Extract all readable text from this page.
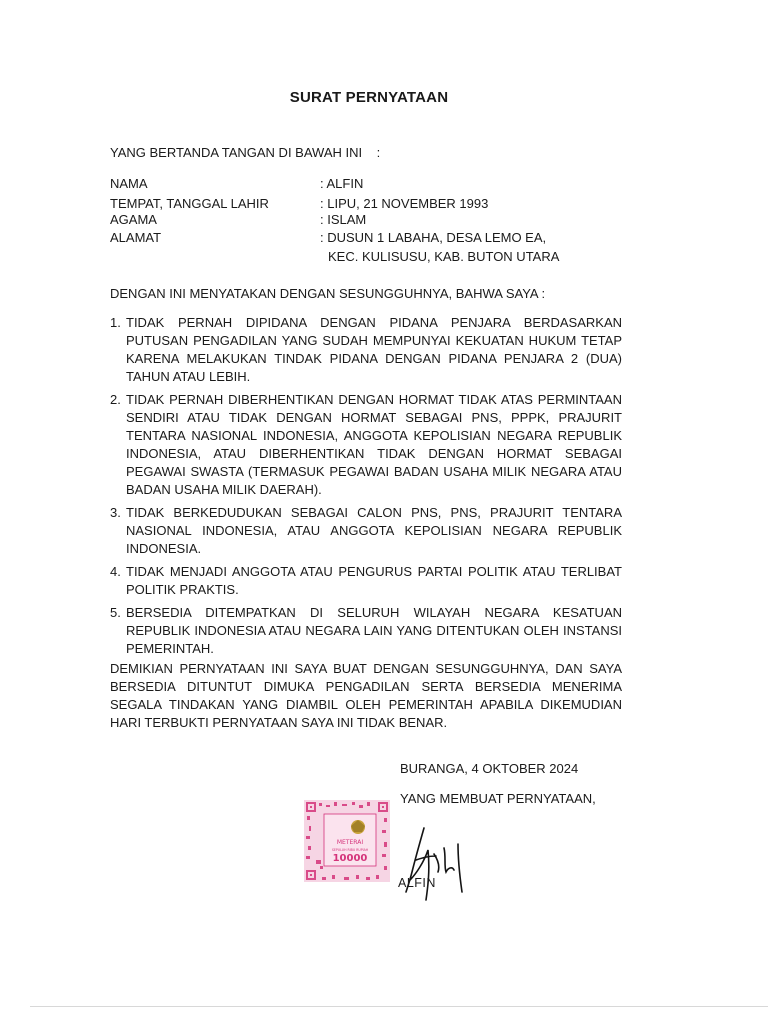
SURAT PERNYATAAN
YANG BERTANDA TANGAN DI BAWAH INI :
NAMA	: ALFIN
TEMPAT, TANGGAL LAHIR	: LIPU, 21 NOVEMBER 1993
AGAMA	: ISLAM
ALAMAT	: DUSUN 1 LABAHA, DESA LEMO EA,
KEC. KULISUSU, KAB. BUTON UTARA
DENGAN INI MENYATAKAN DENGAN SESUNGGUHNYA, BAHWA SAYA :
1. TIDAK PERNAH DIPIDANA DENGAN PIDANA PENJARA BERDASARKAN PUTUSAN PENGADILAN YANG SUDAH MEMPUNYAI KEKUATAN HUKUM TETAP KARENA MELAKUKAN TINDAK PIDANA DENGAN PIDANA PENJARA 2 (DUA) TAHUN ATAU LEBIH.
2. TIDAK PERNAH DIBERHENTIKAN DENGAN HORMAT TIDAK ATAS PERMINTAAN SENDIRI ATAU TIDAK DENGAN HORMAT SEBAGAI PNS, PPPK, PRAJURIT TENTARA NASIONAL INDONESIA, ANGGOTA KEPOLISIAN NEGARA REPUBLIK INDONESIA, ATAU DIBERHENTIKAN TIDAK DENGAN HORMAT SEBAGAI PEGAWAI SWASTA (TERMASUK PEGAWAI BADAN USAHA MILIK NEGARA ATAU BADAN USAHA MILIK DAERAH).
3. TIDAK BERKEDUDUKAN SEBAGAI CALON PNS, PNS, PRAJURIT TENTARA NASIONAL INDONESIA, ATAU ANGGOTA KEPOLISIAN NEGARA REPUBLIK INDONESIA.
4. TIDAK MENJADI ANGGOTA ATAU PENGURUS PARTAI POLITIK ATAU TERLIBAT POLITIK PRAKTIS.
5. BERSEDIA DITEMPATKAN DI SELURUH WILAYAH NEGARA KESATUAN REPUBLIK INDONESIA ATAU NEGARA LAIN YANG DITENTUKAN OLEH INSTANSI PEMERINTAH.
DEMIKIAN PERNYATAAN INI SAYA BUAT DENGAN SESUNGGUHNYA, DAN SAYA BERSEDIA DITUNTUT DIMUKA PENGADILAN SERTA BERSEDIA MENERIMA SEGALA TINDAKAN YANG DIAMBIL OLEH PEMERINTAH APABILA DIKEMUDIAN HARI TERBUKTI PERNYATAAN SAYA INI TIDAK BENAR.
BURANGA, 4 OKTOBER 2024
YANG MEMBUAT PERNYATAAN,
METERAI
SEPULUH RIBU RUPIAH
10000
ALFIN
